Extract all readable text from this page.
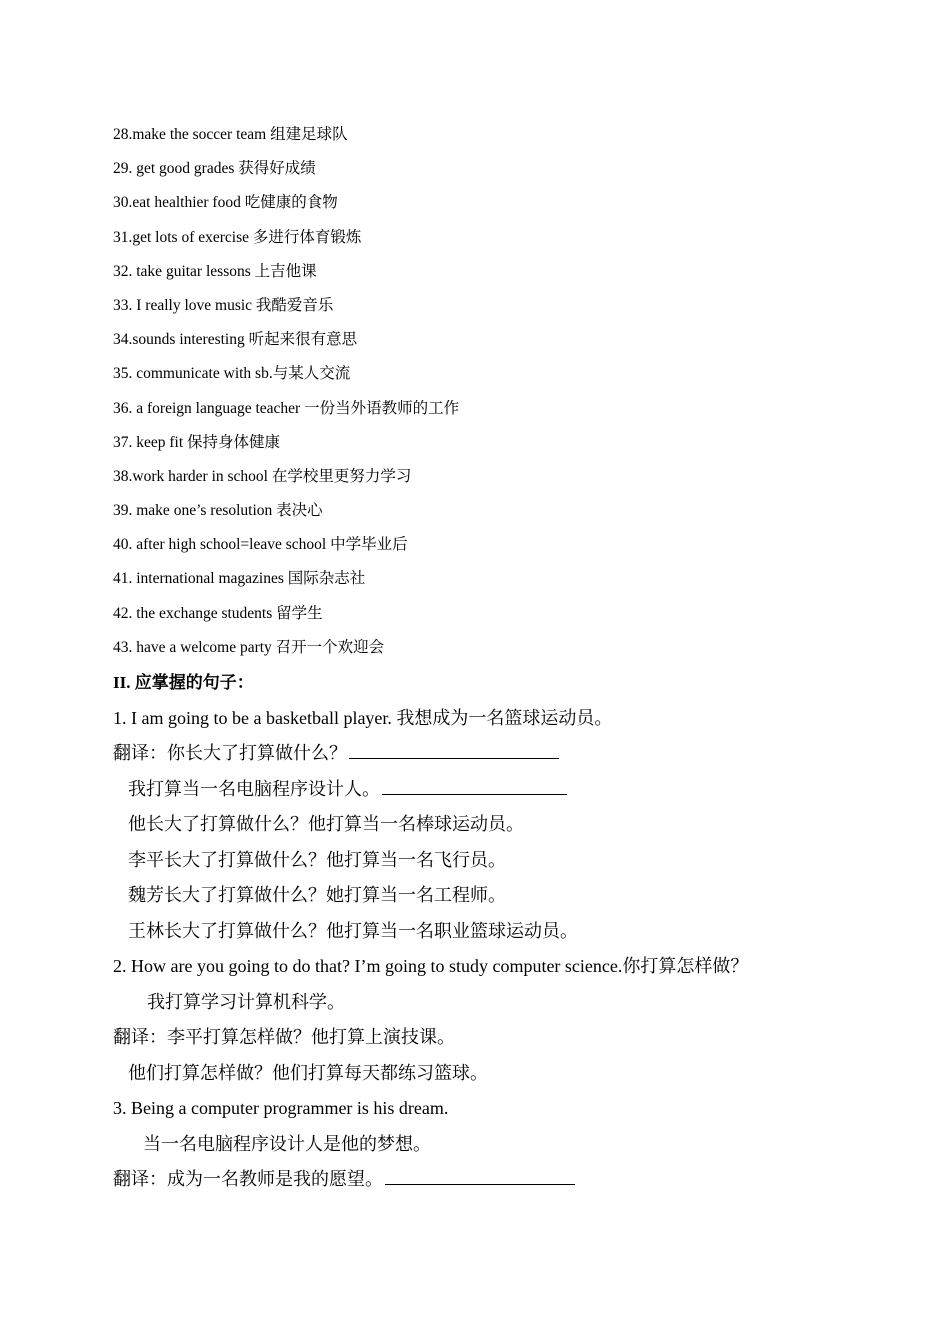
28.make the soccer team 组建足球队
29. get good grades 获得好成绩
30.eat healthier food 吃健康的食物
31.get lots of exercise 多进行体育锻炼
32. take guitar lessons 上吉他课
33. I really love music 我酷爱音乐
34.sounds interesting 听起来很有意思
35. communicate with sb.与某人交流
36. a foreign language teacher 一份当外语教师的工作
37. keep fit 保持身体健康
38.work harder in school 在学校里更努力学习
39. make one’s resolution 表决心
40. after high school=leave school 中学毕业后
41. international magazines 国际杂志社
42. the exchange students 留学生
43. have a welcome party 召开一个欢迎会
II. 应掌握的句子：
1. I am going to be a basketball player. 我想成为一名篮球运动员。
翻译：你长大了打算做什么？
我打算当一名电脑程序设计人。
他长大了打算做什么？他打算当一名棒球运动员。
李平长大了打算做什么？他打算当一名飞行员。
魏芳长大了打算做什么？她打算当一名工程师。
王林长大了打算做什么？他打算当一名职业篮球运动员。
2. How are you going to do that? I’m going to study computer science.你打算怎样做？
我打算学习计算机科学。
翻译：李平打算怎样做？他打算上演技课。
他们打算怎样做？他们打算每天都练习篮球。
3. Being a computer programmer is his dream.
当一名电脑程序设计人是他的梦想。
翻译：成为一名教师是我的愿望。
